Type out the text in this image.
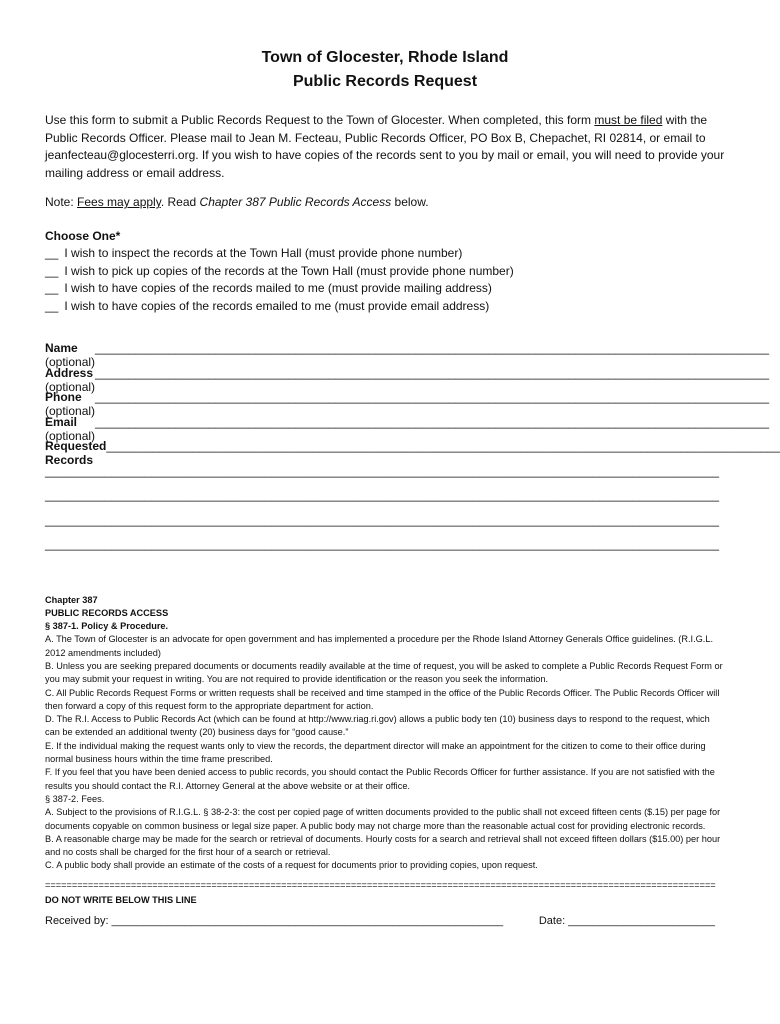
Town of Glocester, Rhode Island
Public Records Request
Use this form to submit a Public Records Request to the Town of Glocester. When completed, this form must be filed with the Public Records Officer. Please mail to Jean M. Fecteau, Public Records Officer, PO Box B, Chepachet, RI 02814, or email to jeanfecteau@glocesterri.org. If you wish to have copies of the records sent to you by mail or email, you will need to provide your mailing address or email address.
Note: Fees may apply. Read Chapter 387 Public Records Access below.
Choose One*
__ I wish to inspect the records at the Town Hall (must provide phone number)
__ I wish to pick up copies of the records at the Town Hall (must provide phone number)
__ I wish to have copies of the records mailed to me (must provide mailing address)
__ I wish to have copies of the records emailed to me (must provide email address)
Name (optional)
_____________________________________________________________________________________________________
Address (optional)
_____________________________________________________________________________________________________
Phone (optional)
_____________________________________________________________________________________________________
Email (optional)
_____________________________________________________________________________________________________
Requested Records
_____________________________________________________________________________________________________
_____________________________________________________________________________________________________
_____________________________________________________________________________________________________
_____________________________________________________________________________________________________
_____________________________________________________________________________________________________
Chapter 387
PUBLIC RECORDS ACCESS
§ 387-1. Policy & Procedure.
A. The Town of Glocester is an advocate for open government and has implemented a procedure per the Rhode Island Attorney Generals Office guidelines. (R.I.G.L. 2012 amendments included)
B. Unless you are seeking prepared documents or documents readily available at the time of request, you will be asked to complete a Public Records Request Form or you may submit your request in writing. You are not required to provide identification or the reason you seek the information.
C. All Public Records Request Forms or written requests shall be received and time stamped in the office of the Public Records Officer. The Public Records Officer will then forward a copy of this request form to the appropriate department for action.
D. The R.I. Access to Public Records Act (which can be found at http://www.riag.ri.gov) allows a public body ten (10) business days to respond to the request, which can be extended an additional twenty (20) business days for “good cause.”
E. If the individual making the request wants only to view the records, the department director will make an appointment for the citizen to come to their office during normal business hours within the time frame prescribed.
F. If you feel that you have been denied access to public records, you should contact the Public Records Officer for further assistance. If you are not satisfied with the results you should contact the R.I. Attorney General at the above website or at their office.
§ 387-2. Fees.
A. Subject to the provisions of R.I.G.L. § 38-2-3: the cost per copied page of written documents provided to the public shall not exceed fifteen cents ($.15) per page for documents copyable on common business or legal size paper. A public body may not charge more than the reasonable actual cost for providing electronic records.
B. A reasonable charge may be made for the search or retrieval of documents. Hourly costs for a search and retrieval shall not exceed fifteen dollars ($15.00) per hour and no costs shall be charged for the first hour of a search or retrieval.
C. A public body shall provide an estimate of the costs of a request for documents prior to providing copies, upon request.
=============================================================================================================================
DO NOT WRITE BELOW THIS LINE
Received by: ________________________________________________________________	Date: ________________________
